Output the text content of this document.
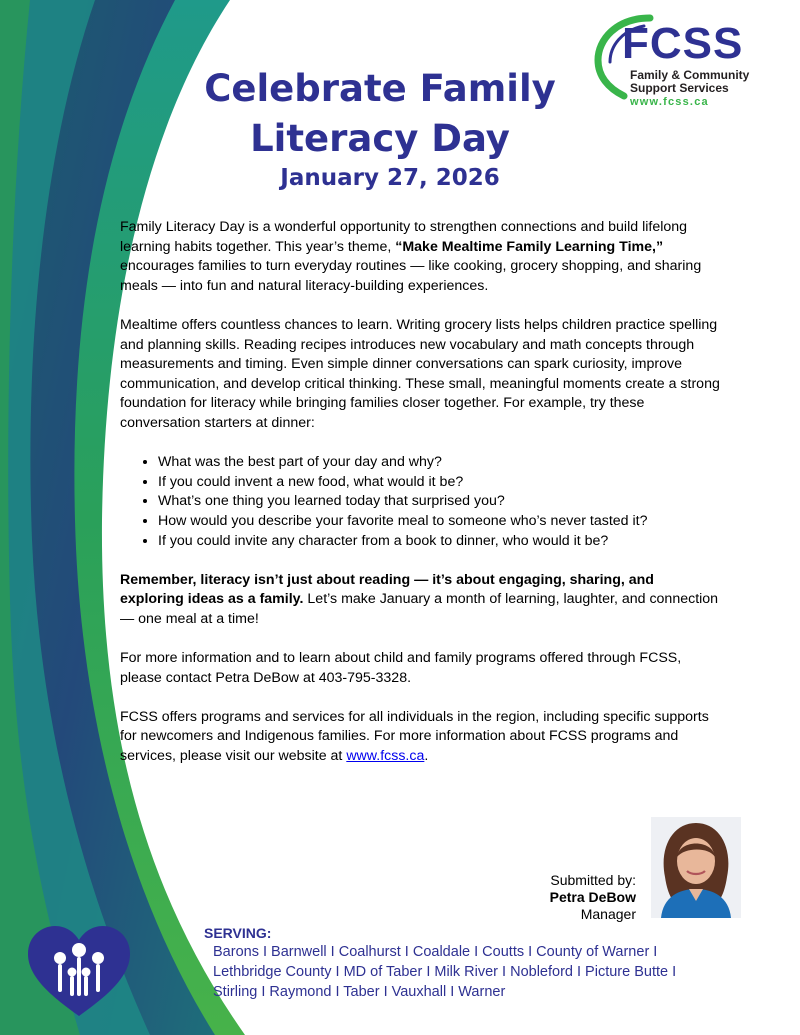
FCSS
Family & Community
Support Services
www.fcss.ca
Celebrate Family
Literacy Day
January 27, 2026

Family Literacy Day is a wonderful opportunity to strengthen connections and build lifelong learning habits together. This year’s theme, “Make Mealtime Family Learning Time,” encourages families to turn everyday routines — like cooking, grocery shopping, and sharing meals — into fun and natural literacy-building experiences.

Mealtime offers countless chances to learn. Writing grocery lists helps children practice spelling and planning skills. Reading recipes introduces new vocabulary and math concepts through measurements and timing. Even simple dinner conversations can spark curiosity, improve communication, and develop critical thinking. These small, meaningful moments create a strong foundation for literacy while bringing families closer together. For example, try these conversation starters at dinner:

• What was the best part of your day and why?
• If you could invent a new food, what would it be?
• What’s one thing you learned today that surprised you?
• How would you describe your favorite meal to someone who’s never tasted it?
• If you could invite any character from a book to dinner, who would it be?

Remember, literacy isn’t just about reading — it’s about engaging, sharing, and exploring ideas as a family. Let’s make January a month of learning, laughter, and connection — one meal at a time!

For more information and to learn about child and family programs offered through FCSS, please contact Petra DeBow at 403-795-3328.

FCSS offers programs and services for all individuals in the region, including specific supports for newcomers and Indigenous families. For more information about FCSS programs and services, please visit our website at www.fcss.ca.

Submitted by:
Petra DeBow
Manager
SERVING:
Barons I Barnwell I Coalhurst I Coaldale I Coutts I County of Warner I
Lethbridge County I MD of Taber I Milk River I Nobleford I Picture Butte I
Stirling I Raymond I Taber I Vauxhall I Warner
